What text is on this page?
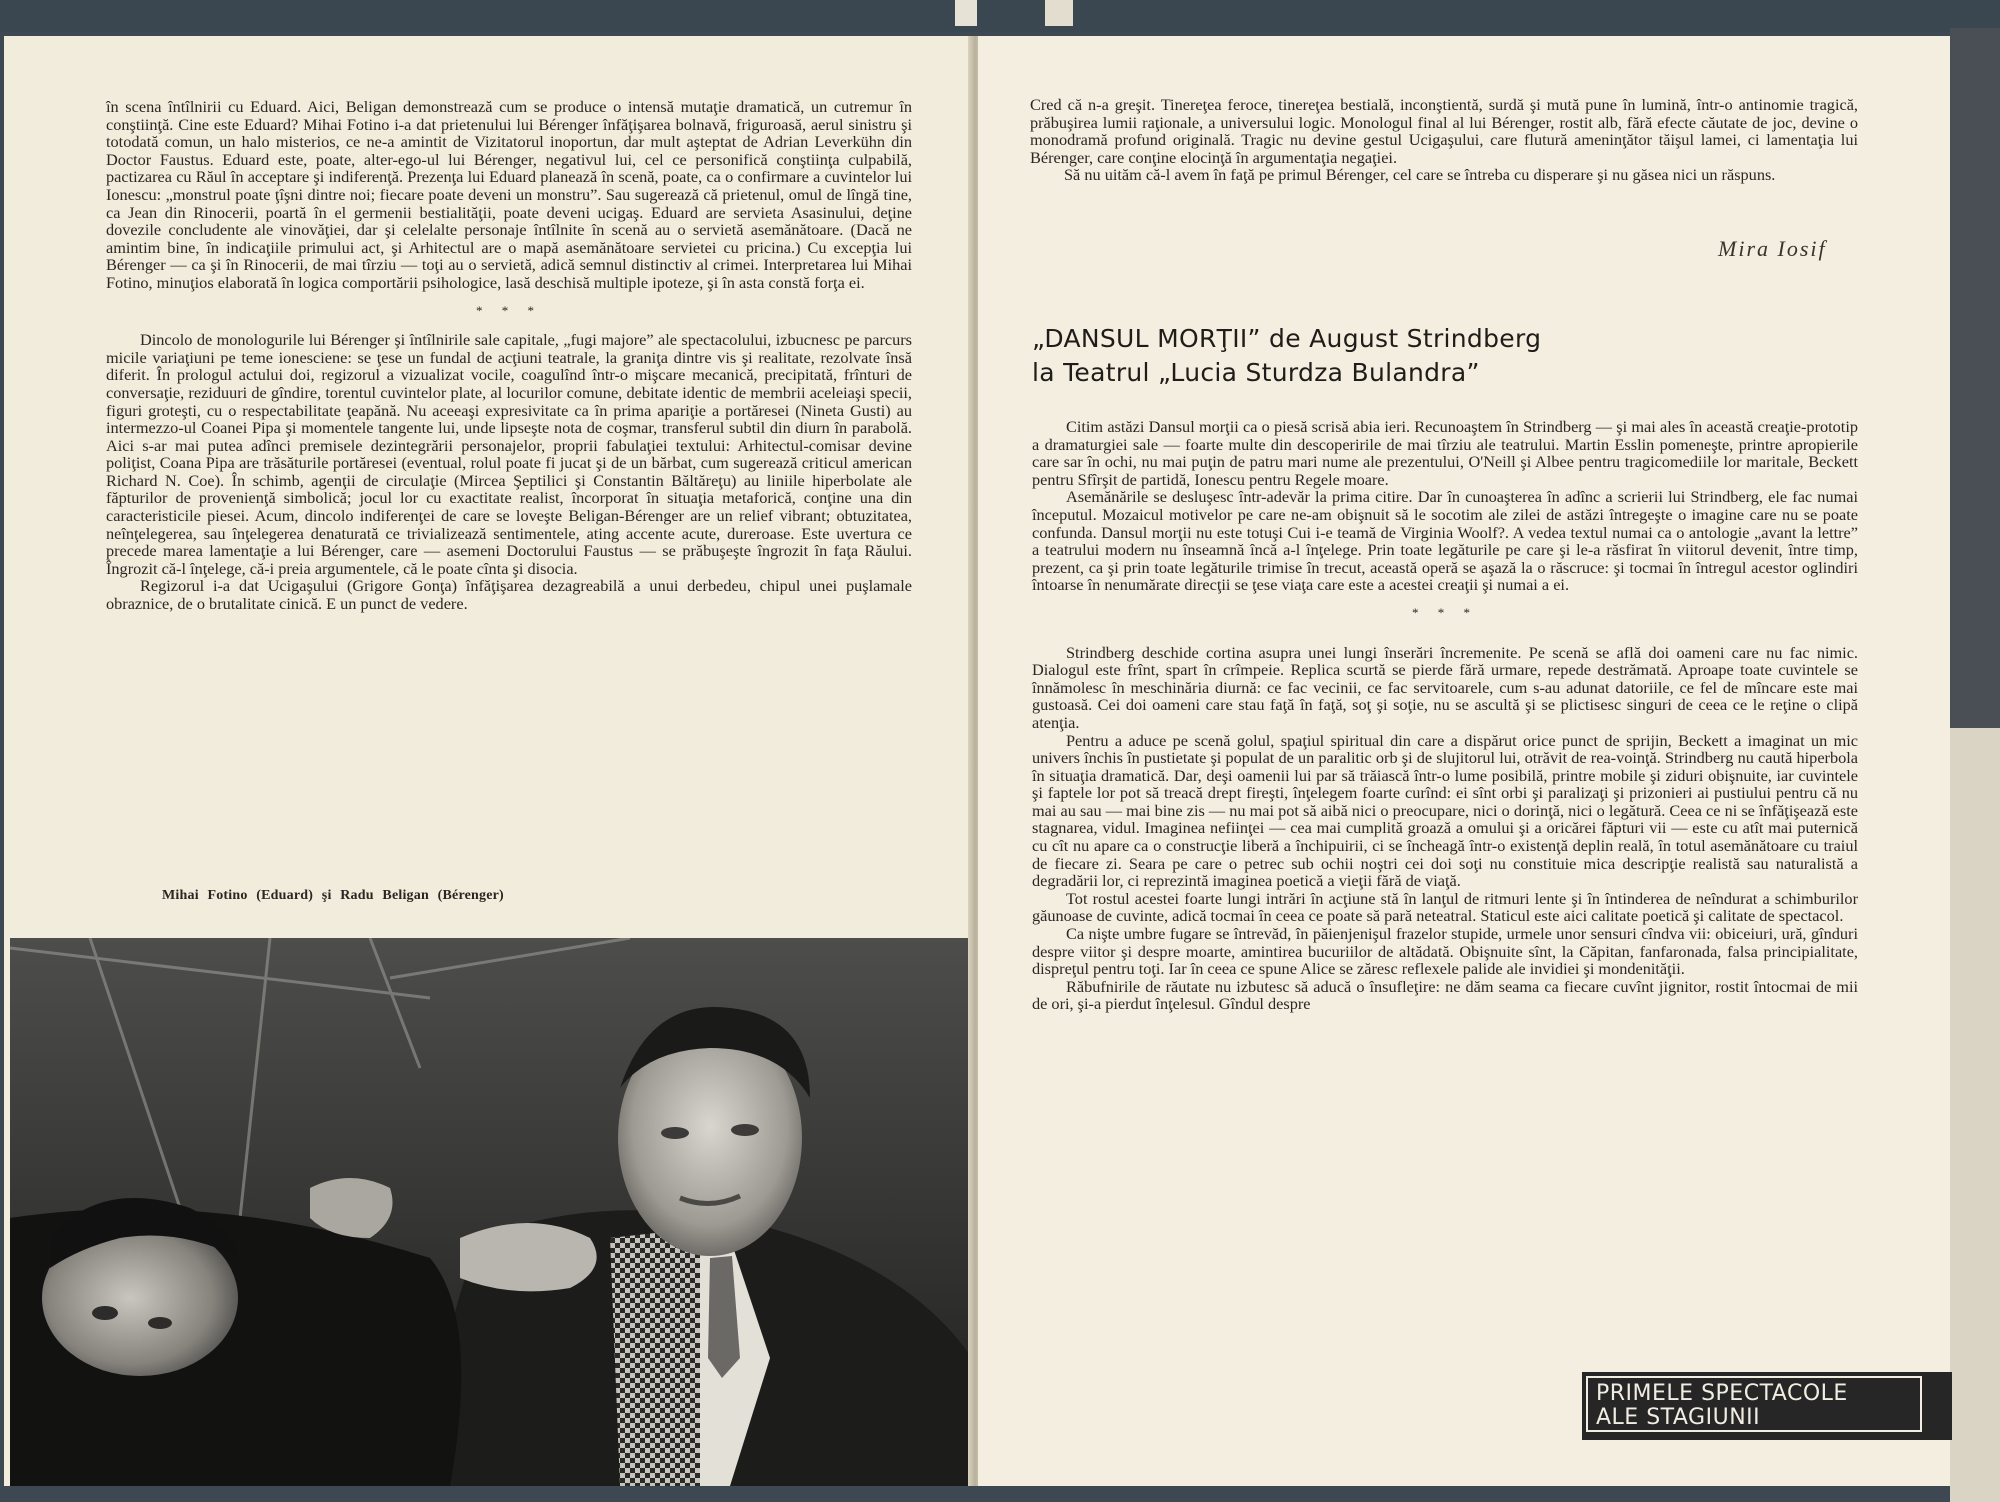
în scena întîlnirii cu Eduard. Aici, Beligan demonstrează cum se produce o intensă mutaţie dramatică, un cutremur în conştiinţă. Cine este Eduard? Mihai Fotino i-a dat prietenului lui Bérenger înfăţişarea bolnavă, friguroasă, aerul sinistru şi totodată comun, un halo misterios, ce ne-a amintit de Vizitatorul inoportun, dar mult aşteptat de Adrian Leverkühn din Doctor Faustus. Eduard este, poate, alter-ego-ul lui Bérenger, negativul lui, cel ce personifică conştiinţa culpabilă, pactizarea cu Răul în acceptare şi indiferenţă. Prezenţa lui Eduard planează în scenă, poate, ca o confirmare a cuvintelor lui Ionescu: „monstrul poate ţîşni dintre noi; fiecare poate deveni un monstru”. Sau sugerează că prietenul, omul de lîngă tine, ca Jean din Rinocerii, poartă în el germenii bestialităţii, poate deveni ucigaş. Eduard are servieta Asasinului, deţine dovezile concludente ale vinovăţiei, dar şi celelalte personaje întîlnite în scenă au o servietă asemănătoare. (Dacă ne amintim bine, în indicaţiile primului act, şi Arhitectul are o mapă asemănătoare servietei cu pricina.) Cu excepţia lui Bérenger — ca şi în Rinocerii, de mai tîrziu — toţi au o servietă, adică semnul distinctiv al crimei. Interpretarea lui Mihai Fotino, minuţios elaborată în logica comportării psihologice, lasă deschisă multiple ipoteze, şi în asta constă forţa ei.

* * *

Dincolo de monologurile lui Bérenger şi întîlnirile sale capitale, „fugi majore” ale spectacolului, izbucnesc pe parcurs micile variaţiuni pe teme ionesciene: se ţese un fundal de acţiuni teatrale, la graniţa dintre vis şi realitate, rezolvate însă diferit. În prologul actului doi, regizorul a vizualizat vocile, coagulînd într-o mişcare mecanică, precipitată, frînturi de conversaţie, reziduuri de gîndire, torentul cuvintelor plate, al locurilor comune, debitate identic de membrii aceleiaşi specii, figuri groteşti, cu o respectabilitate ţeapănă. Nu aceeaşi expresivitate ca în prima apariţie a portăresei (Nineta Gusti) au intermezzo-ul Coanei Pipa şi momentele tangente lui, unde lipseşte nota de coşmar, transferul subtil din diurn în parabolă. Aici s-ar mai putea adînci premisele dezintegrării personajelor, proprii fabulaţiei textului: Arhitectul-comisar devine poliţist, Coana Pipa are trăsăturile portăresei (eventual, rolul poate fi jucat şi de un bărbat, cum sugerează criticul american Richard N. Coe). În schimb, agenţii de circulaţie (Mircea Şeptilici şi Constantin Băltăreţu) au liniile hiperbolate ale făpturilor de provenienţă simbolică; jocul lor cu exactitate realist, încorporat în situaţia metaforică, conţine una din caracteristicile piesei. Acum, dincolo indiferenţei de care se loveşte Beligan-Bérenger are un relief vibrant; obtuzitatea, neînţelegerea, sau înţelegerea denaturată ce trivializează sentimentele, ating accente acute, dureroase. Este uvertura ce precede marea lamentaţie a lui Bérenger, care — asemeni Doctorului Faustus — se prăbuşeşte îngrozit în faţa Răului. Îngrozit că-l înţelege, că-i preia argumentele, că le poate cînta şi disocia.

Regizorul i-a dat Ucigaşului (Grigore Gonţa) înfăţişarea dezagreabilă a unui derbedeu, chipul unei puşlamale obraznice, de o brutalitate cinică. E un punct de vedere.

Mihai Fotino (Eduard) şi Radu Beligan (Bérenger)

Cred că n-a greşit. Tinereţea feroce, tinereţea bestială, inconştientă, surdă şi mută pune în lumină, într-o antinomie tragică, prăbuşirea lumii raţionale, a universului logic. Monologul final al lui Bérenger, rostit alb, fără efecte căutate de joc, devine o monodramă profund originală. Tragic nu devine gestul Ucigaşului, care flutură ameninţător tăişul lamei, ci lamentaţia lui Bérenger, care conţine elocinţă în argumentaţia negaţiei.

Să nu uităm că-l avem în faţă pe primul Bérenger, cel care se întreba cu disperare şi nu găsea nici un răspuns.

Mira Iosif
„DANSUL MORŢII” de August Strindberg
la Teatrul „Lucia Sturdza Bulandra”

Citim astăzi Dansul morţii ca o piesă scrisă abia ieri. Recunoaştem în Strindberg — şi mai ales în această creaţie-prototip a dramaturgiei sale — foarte multe din descoperirile de mai tîrziu ale teatrului. Martin Esslin pomeneşte, printre apropierile care sar în ochi, nu mai puţin de patru mari nume ale prezentului, O'Neill şi Albee pentru tragicomediile lor maritale, Beckett pentru Sfîrşit de partidă, Ionescu pentru Regele moare.

Asemănările se desluşesc într-adevăr la prima citire. Dar în cunoaşterea în adînc a scrierii lui Strindberg, ele fac numai începutul. Mozaicul motivelor pe care ne-am obişnuit să le socotim ale zilei de astăzi întregeşte o imagine care nu se poate confunda. Dansul morţii nu este totuşi Cui i-e teamă de Virginia Woolf?. A vedea textul numai ca o antologie „avant la lettre” a teatrului modern nu înseamnă încă a-l înţelege. Prin toate legăturile pe care şi le-a răsfirat în viitorul devenit, între timp, prezent, ca şi prin toate legăturile trimise în trecut, această operă se aşază la o răscruce: şi tocmai în întregul acestor oglindiri întoarse în nenumărate direcţii se ţese viaţa care este a acestei creaţii şi numai a ei.

* * *

Strindberg deschide cortina asupra unei lungi înserări încremenite. Pe scenă se află doi oameni care nu fac nimic. Dialogul este frînt, spart în crîmpeie. Replica scurtă se pierde fără urmare, repede destrămată. Aproape toate cuvintele se înnămolesc în meschinăria diurnă: ce fac vecinii, ce fac servitoarele, cum s-au adunat datoriile, ce fel de mîncare este mai gustoasă. Cei doi oameni care stau faţă în faţă, soţ şi soţie, nu se ascultă şi se plictisesc singuri de ceea ce le reţine o clipă atenţia.

Pentru a aduce pe scenă golul, spaţiul spiritual din care a dispărut orice punct de sprijin, Beckett a imaginat un mic univers închis în pustietate şi populat de un paralitic orb şi de slujitorul lui, otrăvit de rea-voinţă. Strindberg nu caută hiperbola în situaţia dramatică. Dar, deşi oamenii lui par să trăiască într-o lume posibilă, printre mobile şi ziduri obişnuite, iar cuvintele şi faptele lor pot să treacă drept fireşti, înţelegem foarte curînd: ei sînt orbi şi paralizaţi şi prizonieri ai pustiului pentru că nu mai au sau — mai bine zis — nu mai pot să aibă nici o preocupare, nici o dorinţă, nici o legătură. Ceea ce ni se înfăţişează este stagnarea, vidul. Imaginea nefiinţei — cea mai cumplită groază a omului şi a oricărei făpturi vii — este cu atît mai puternică cu cît nu apare ca o construcţie liberă a închipuirii, ci se încheagă într-o existenţă deplin reală, în totul asemănătoare cu traiul de fiecare zi. Seara pe care o petrec sub ochii noştri cei doi soţi nu constituie mica descripţie realistă sau naturalistă a degradării lor, ci reprezintă imaginea poetică a vieţii fără de viaţă.

Tot rostul acestei foarte lungi intrări în acţiune stă în lanţul de ritmuri lente şi în întinderea de neîndurat a schimburilor găunoase de cuvinte, adică tocmai în ceea ce poate să pară neteatral. Staticul este aici calitate poetică şi calitate de spectacol.

Ca nişte umbre fugare se întrevăd, în păienjenişul frazelor stupide, urmele unor sensuri cîndva vii: obiceiuri, ură, gînduri despre viitor şi despre moarte, amintirea bucuriilor de altădată. Obişnuite sînt, la Căpitan, fanfaronada, falsa principialitate, dispreţul pentru toţi. Iar în ceea ce spune Alice se zăresc reflexele palide ale invidiei şi mondenităţii.

Răbufnirile de răutate nu izbutesc să aducă o însufleţire: ne dăm seama ca fiecare cuvînt jignitor, rostit întocmai de mii de ori, şi-a pierdut înţelesul. Gîndul despre

PRIMELE SPECTACOLE
ALE STAGIUNII
